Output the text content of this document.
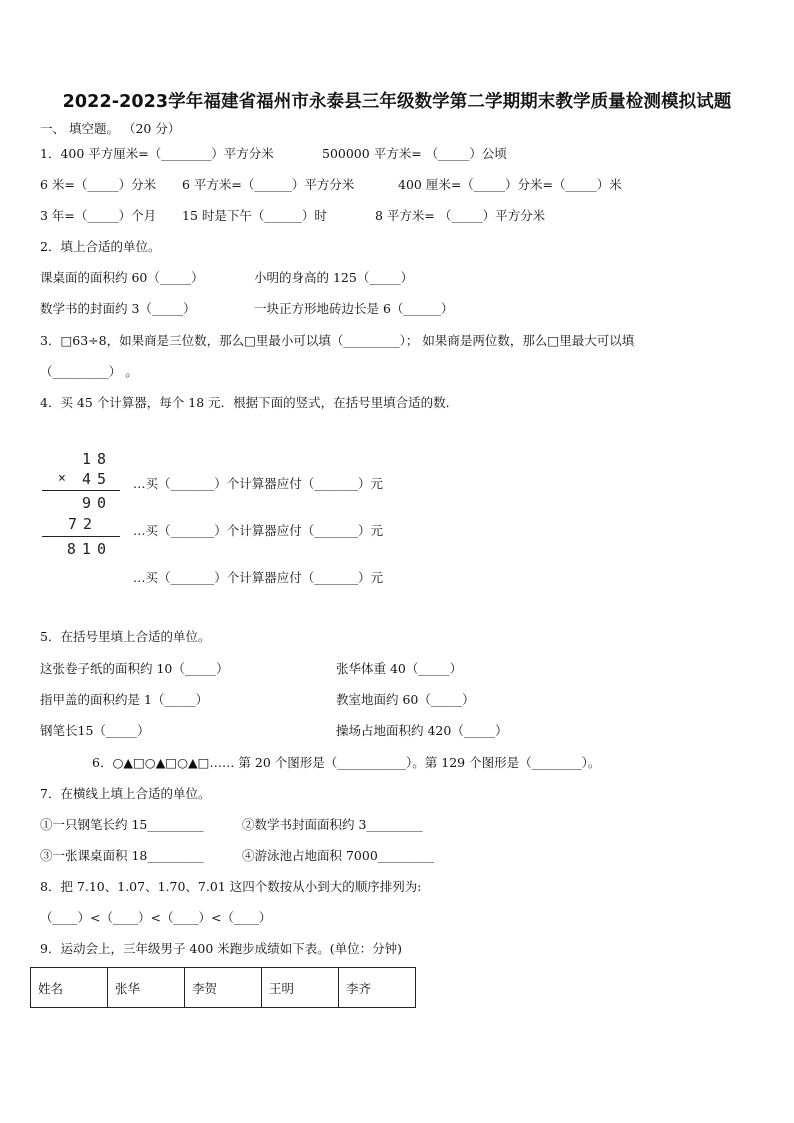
2022-2023学年福建省福州市永泰县三年级数学第二学期期末教学质量检测模拟试题
一、 填空题。 （20 分）
1．400 平方厘米=（________）平方分米	500000 平方米= （_____）公顷
6 米=（_____）分米 6 平方米=（______）平方分米	400 厘米=（_____）分米=（_____）米
3 年=（_____）个月 15 时是下午（______）时	8 平方米= （_____）平方分米
2．填上合适的单位。
课桌面的面积约 60（_____）	小明的身高的 125（_____）
数学书的封面约 3（_____）	一块正方形地砖边长是 6（______）
3．□63÷8，如果商是三位数，那么□里最小可以填（_________）； 如果商是两位数，那么□里最大可以填
（_________） 。
4．买 45 个计算器，每个 18 元．根据下面的竖式，在括号里填合适的数．
18
× 45
90
72
810
…买（_______）个计算器应付（_______）元
…买（_______）个计算器应付（_______）元
…买（_______）个计算器应付（_______）元
5．在括号里填上合适的单位。
这张卷子纸的面积约 10（_____）	张华体重 40（_____）
指甲盖的面积约是 1（_____）	教室地面约 60（_____）
钢笔长15（_____）	操场占地面积约 420（_____）
6．○▲□○▲□○▲□…… 第 20 个图形是（___________）。第 129 个图形是（________）。
7．在横线上填上合适的单位。
①一只钢笔长约 15_________	②数学书封面面积约 3_________
③一张课桌面积 18_________	④游泳池占地面积 7000_________
8．把 7.10、1.07、1.70、7.01 这四个数按从小到大的顺序排列为:
（____）<（____）<（____）<（____）
9．运动会上，三年级男子 400 米跑步成绩如下表。(单位：分钟)
姓名	张华	李贺	王明	李齐
